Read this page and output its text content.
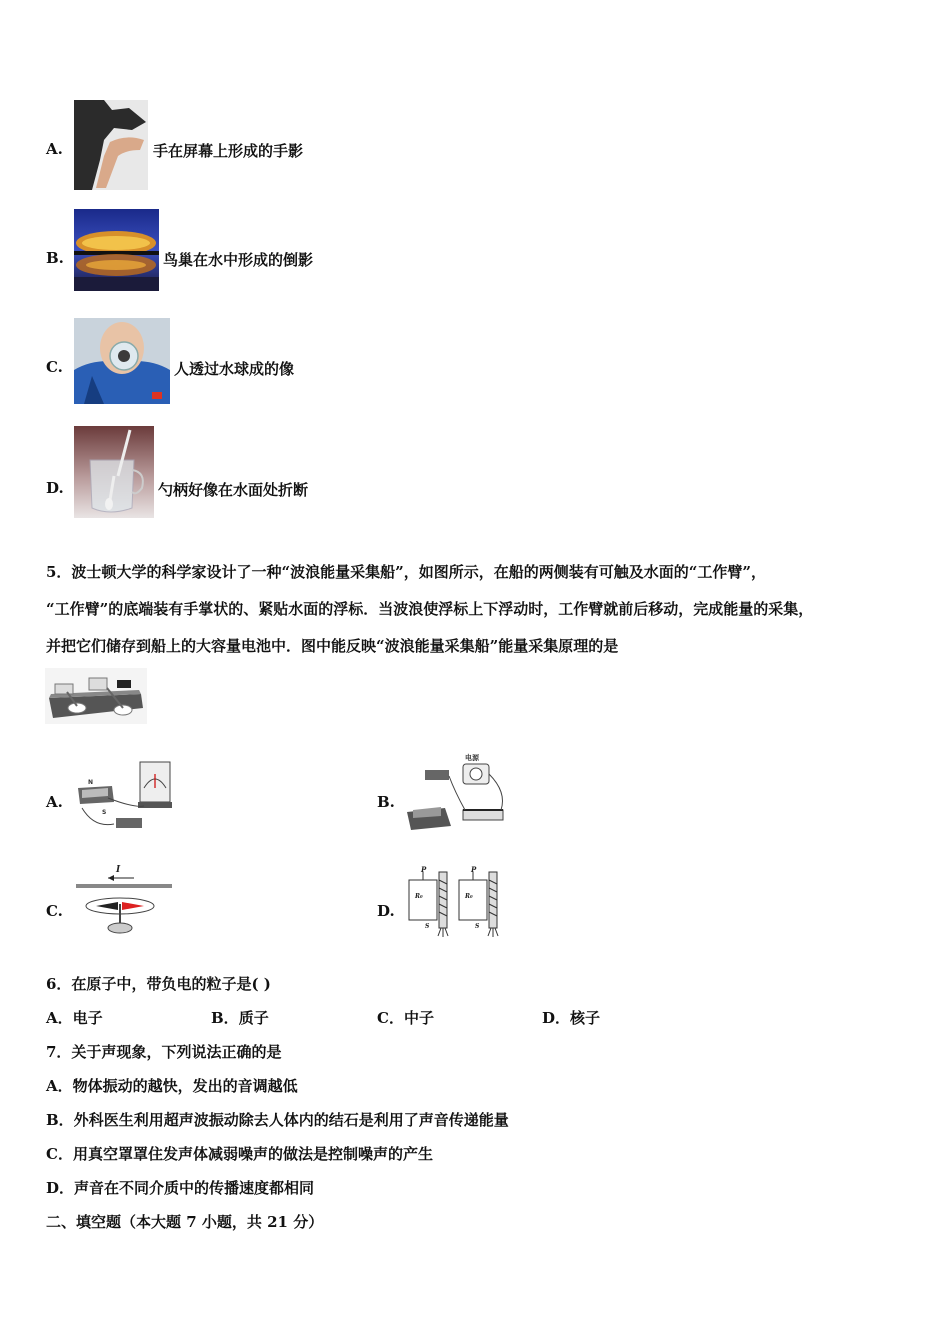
A.	手在屏幕上形成的手影
B.	鸟巢在水中形成的倒影
C.	人透过水球成的像
D.	勺柄好像在水面处折断
5．波士顿大学的科学家设计了一种“波浪能量采集船”，如图所示，在船的两侧装有可触及水面的“工作臂”，
“工作臂”的底端装有手掌状的、紧贴水面的浮标．当波浪使浮标上下浮动时，工作臂就前后移动，完成能量的采集，
并把它们储存到船上的大容量电池中．图中能反映“波浪能量采集船”能量采集原理的是
A.
N
S
B.
电源
C.
I
D.
P
R₀
S
P
R₀
S
6．在原子中，带负电的粒子是( )
A．电子	B．质子	C．中子	D．核子
7．关于声现象，下列说法正确的是
A．物体振动的越快，发出的音调越低
B．外科医生利用超声波振动除去人体内的结石是利用了声音传递能量
C．用真空罩罩住发声体减弱噪声的做法是控制噪声的产生
D．声音在不同介质中的传播速度都相同
二、填空题（本大题 7 小题，共 21 分）
